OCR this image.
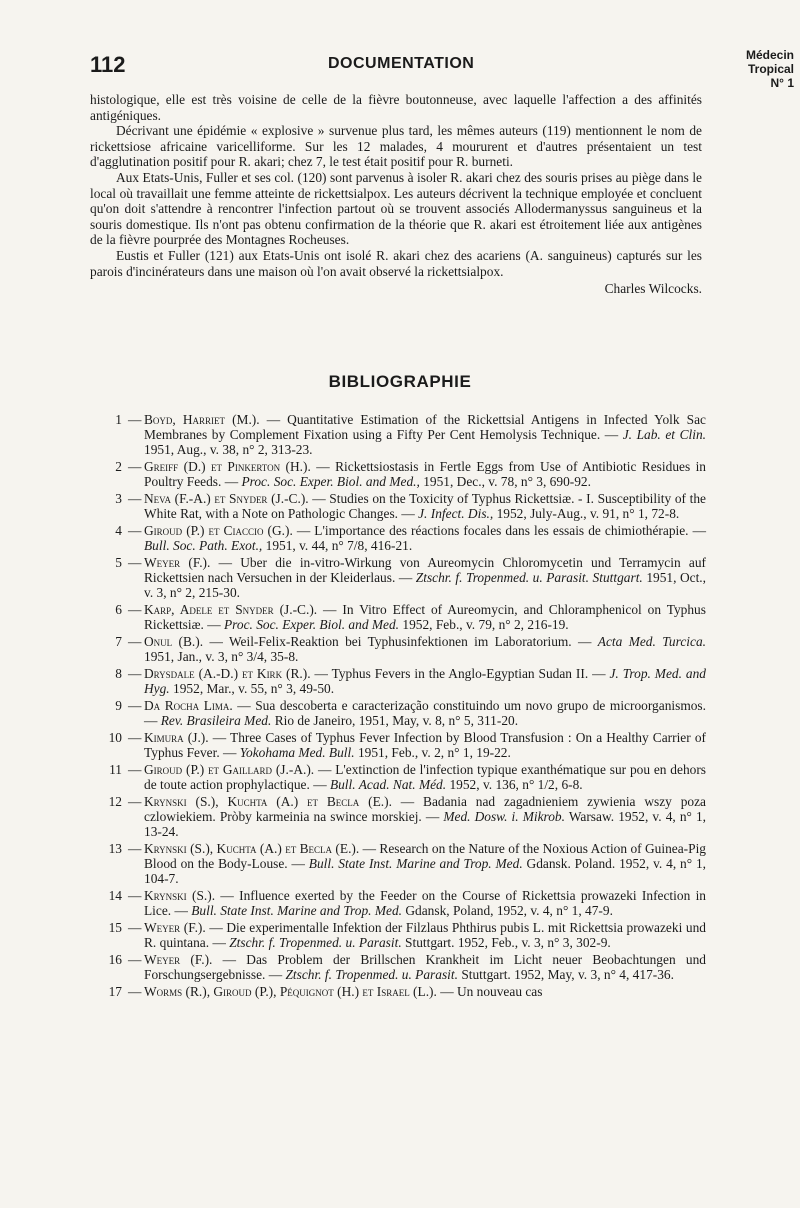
112	DOCUMENTATION	Médecin
Tropical
N° 1

histologique, elle est très voisine de celle de la fièvre boutonneuse, avec laquelle l'affection a des affinités antigéniques.

Décrivant une épidémie « explosive » survenue plus tard, les mêmes auteurs (119) mentionnent le nom de rickettsiose africaine varicelliforme. Sur les 12 malades, 4 moururent et d'autres présentaient un test d'agglutination positif pour R. akari; chez 7, le test était positif pour R. burneti.

Aux Etats-Unis, Fuller et ses col. (120) sont parvenus à isoler R. akari chez des souris prises au piège dans le local où travaillait une femme atteinte de rickettsialpox. Les auteurs décrivent la technique employée et concluent qu'on doit s'attendre à rencontrer l'infection partout où se trouvent associés Allodermanyssus sanguineus et la souris domestique. Ils n'ont pas obtenu confirmation de la théorie que R. akari est étroitement liée aux antigènes de la fièvre pourprée des Montagnes Rocheuses.

Eustis et Fuller (121) aux Etats-Unis ont isolé R. akari chez des acariens (A. sanguineus) capturés sur les parois d'incinérateurs dans une maison où l'on avait observé la rickettsialpox.

Charles Wilcocks.

BIBLIOGRAPHIE
1 — Boyd, Harriet (M.). — Quantitative Estimation of the Rickettsial Antigens in Infected Yolk Sac Membranes by Complement Fixation using a Fifty Per Cent Hemolysis Technique. — J. Lab. et Clin. 1951, Aug., v. 38, n° 2, 313-23.
2 — Greiff (D.) et Pinkerton (H.). — Rickettsiostasis in Fertle Eggs from Use of Antibiotic Residues in Poultry Feeds. — Proc. Soc. Exper. Biol. and Med., 1951, Dec., v. 78, n° 3, 690-92.
3 — Neva (F.-A.) et Snyder (J.-C.). — Studies on the Toxicity of Typhus Rickettsiæ. - I. Susceptibility of the White Rat, with a Note on Pathologic Changes. — J. Infect. Dis., 1952, July-Aug., v. 91, n° 1, 72-8.
4 — Giroud (P.) et Ciaccio (G.). — L'importance des réactions focales dans les essais de chimiothérapie. — Bull. Soc. Path. Exot., 1951, v. 44, n° 7/8, 416-21.
5 — Weyer (F.). — Uber die in-vitro-Wirkung von Aureomycin Chloromycetin und Terramycin auf Rickettsien nach Versuchen in der Kleiderlaus. — Ztschr. f. Tropenmed. u. Parasit. Stuttgart. 1951, Oct., v. 3, n° 2, 215-30.
6 — Karp, Adele et Snyder (J.-C.). — In Vitro Effect of Aureomycin, and Chloramphenicol on Typhus Rickettsiæ. — Proc. Soc. Exper. Biol. and Med. 1952, Feb., v. 79, n° 2, 216-19.
7 — Onul (B.). — Weil-Felix-Reaktion bei Typhusinfektionen im Laboratorium. — Acta Med. Turcica. 1951, Jan., v. 3, n° 3/4, 35-8.
8 — Drysdale (A.-D.) et Kirk (R.). — Typhus Fevers in the Anglo-Egyptian Sudan II. — J. Trop. Med. and Hyg. 1952, Mar., v. 55, n° 3, 49-50.
9 — Da Rocha Lima. — Sua descoberta e caracterização constituindo um novo grupo de microorganismos. — Rev. Brasileira Med. Rio de Janeiro, 1951, May, v. 8, n° 5, 311-20.
10 — Kimura (J.). — Three Cases of Typhus Fever Infection by Blood Transfusion : On a Healthy Carrier of Typhus Fever. — Yokohama Med. Bull. 1951, Feb., v. 2, n° 1, 19-22.
11 — Giroud (P.) et Gaillard (J.-A.). — L'extinction de l'infection typique exanthématique sur pou en dehors de toute action prophylactique. — Bull. Acad. Nat. Méd. 1952, v. 136, n° 1/2, 6-8.
12 — Krynski (S.), Kuchta (A.) et Becla (E.). — Badania nad zagadnieniem zywienia wszy poza czlowiekiem. Pròby karmeinia na swince morskiej. — Med. Dosw. i. Mikrob. Warsaw. 1952, v. 4, n° 1, 13-24.
13 — Krynski (S.), Kuchta (A.) et Becla (E.). — Research on the Nature of the Noxious Action of Guinea-Pig Blood on the Body-Louse. — Bull. State Inst. Marine and Trop. Med. Gdansk. Poland. 1952, v. 4, n° 1, 104-7.
14 — Krynski (S.). — Influence exerted by the Feeder on the Course of Rickettsia prowazeki Infection in Lice. — Bull. State Inst. Marine and Trop. Med. Gdansk, Poland, 1952, v. 4, n° 1, 47-9.
15 — Weyer (F.). — Die experimentalle Infektion der Filzlaus Phthirus pubis L. mit Rickettsia prowazeki und R. quintana. — Ztschr. f. Tropenmed. u. Parasit. Stuttgart. 1952, Feb., v. 3, n° 3, 302-9.
16 — Weyer (F.). — Das Problem der Brillschen Krankheit im Licht neuer Beobachtungen und Forschungsergebnisse. — Ztschr. f. Tropenmed. u. Parasit. Stuttgart. 1952, May, v. 3, n° 4, 417-36.
17 — Worms (R.), Giroud (P.), Péquignot (H.) et Israel (L.). — Un nouveau cas
